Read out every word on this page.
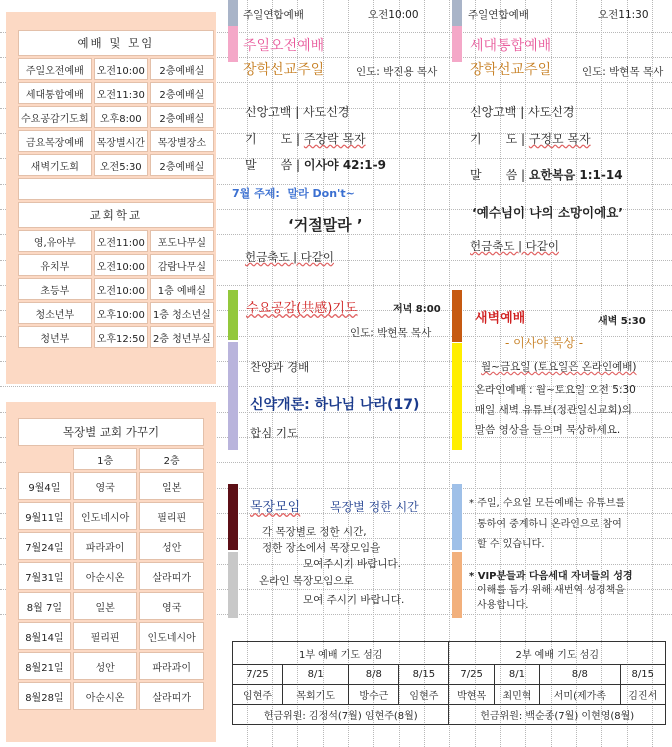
예배 및 모임		
주일오전예배	오전10:00	2층예배실
세대통합예배	오전11:30	2층예배실
수요공감기도회	오후8:00	2층예배실
금요목장예배	목장별시간	목장별장소
새벽기도회	오전5:30	2층예배실

교회학교		
영,유아부	오전11:00	포도나무실
유치부	오전10:00	감람나무실
초등부	오전10:00	1층 예배실
청소년부	오후10:00	1층 청소년실
청년부	오후12:50	2층 청년부실
목장별 교회 가꾸기		
	1층	2층
9월4일	영국	일본
9월11일	인도네시아	필리핀
7월24일	파라과이	성안
7월31일	아순시온	살라띠가
8월 7일	일본	영국
8월14일	필리핀	인도네시아
8월21일	성안	파라과이
8월28일	아순시온	살라띠가
주일연합예배	오전10:00
주일오전예배
장학선교주일	인도: 박진용 목사
신앙고백 | 사도신경
기　　도 | 주장락 목자
말　　씀 | 이사야 42:1-9
7월 주제: 말라 Don't~
‘거절말라 ’
헌금축도 | 다같이
주일연합예배	오전11:30
세대통합예배
장학선교주일	인도: 박현목 목사
신앙고백 | 사도신경
기　　도 | 구정모 목자
말　　씀 | 요한복음 1:1-14
‘예수님이 나의 소망이에요’
헌금축도 | 다같이
수요공감(共感)기도	저녁 8:00
인도: 박현목 목사
찬양과 경배
신약개론: 하나님 나라(17)
합심 기도
새벽예배	새벽 5:30
- 이사야 묵상 -
월~금요일 (토요일은 온라인예배)
온라인예배 : 월~토요일 오전 5:30
매일 새벽 유튜브(정관일신교회)의
말씀 영상을 들으며 묵상하세요.
목장모임 목장별 정한 시간
각 목장별로 정한 시간,
정한 장소에서 목장모임을
모여주시기 바랍니다.
온라인 목장모임으로
모여 주시기 바랍니다.
* 주일, 수요일 모든예배는 유튜브를
통하여 중계하니 온라인으로 참여
할 수 있습니다.
* VIP분들과 다음세대 자녀들의 성경
이해를 돕기 위해 새번역 성경책을
사용합니다.
1부 예배 기도 섬김				2부 예배 기도 섬김			
7/25	8/1	8/8	8/15	7/25	8/1	8/8	8/15
임현주	목회기도	방수근	임현주	박현목	최민혁	서미(제가족	김진서
헌금위원: 김정석(7월) 임현주(8월)				헌금위원: 백순종(7월) 이현영(8월)			
